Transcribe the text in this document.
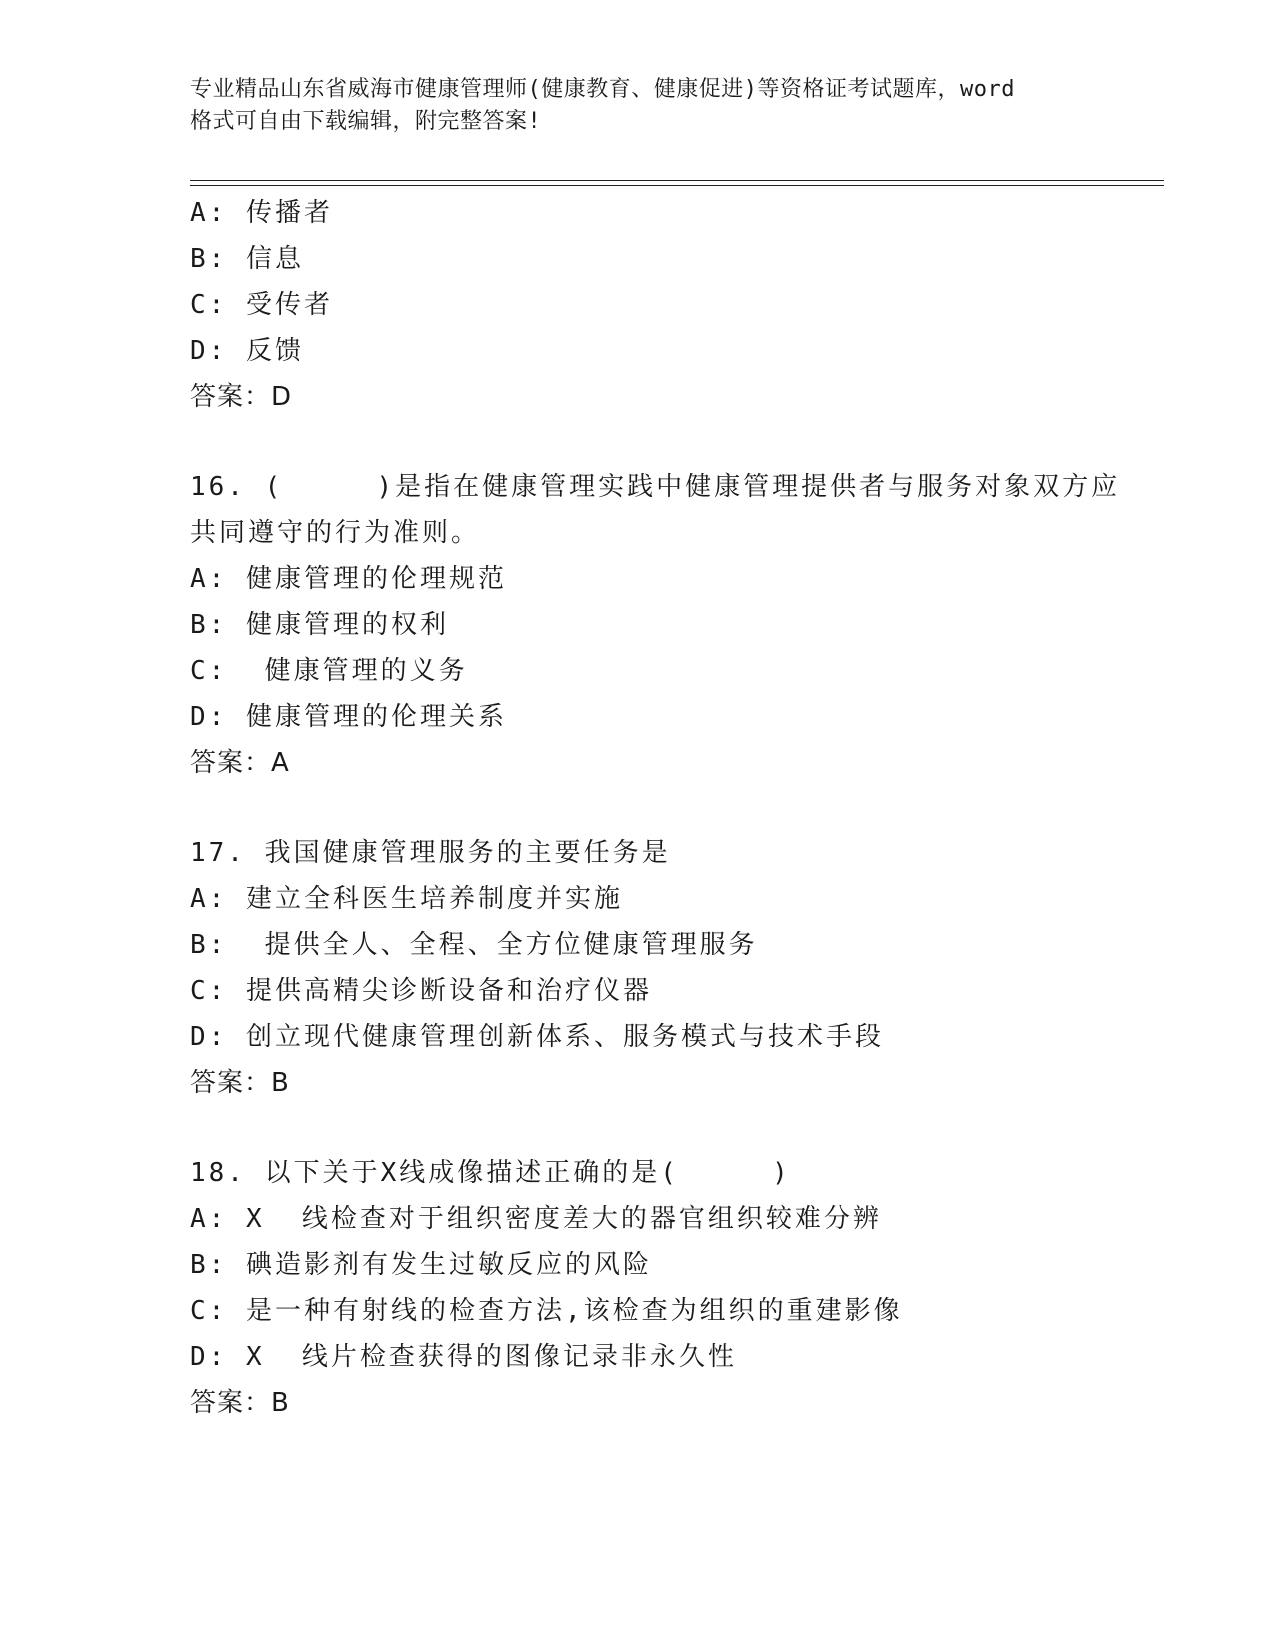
专业精品山东省威海市健康管理师(健康教育、健康促进)等资格证考试题库，word
格式可自由下载编辑，附完整答案!
A: 传播者
B: 信息
C: 受传者
D: 反馈
答案：D
16. (     )是指在健康管理实践中健康管理提供者与服务对象双方应
共同遵守的行为准则。
A: 健康管理的伦理规范
B: 健康管理的权利
C:  健康管理的义务
D: 健康管理的伦理关系
答案：A
17. 我国健康管理服务的主要任务是
A: 建立全科医生培养制度并实施
B:  提供全人、全程、全方位健康管理服务
C: 提供高精尖诊断设备和治疗仪器
D: 创立现代健康管理创新体系、服务模式与技术手段
答案：B
18. 以下关于X线成像描述正确的是(     )
A: X  线检查对于组织密度差大的器官组织较难分辨
B: 碘造影剂有发生过敏反应的风险
C: 是一种有射线的检查方法,该检查为组织的重建影像
D: X  线片检查获得的图像记录非永久性
答案：B
